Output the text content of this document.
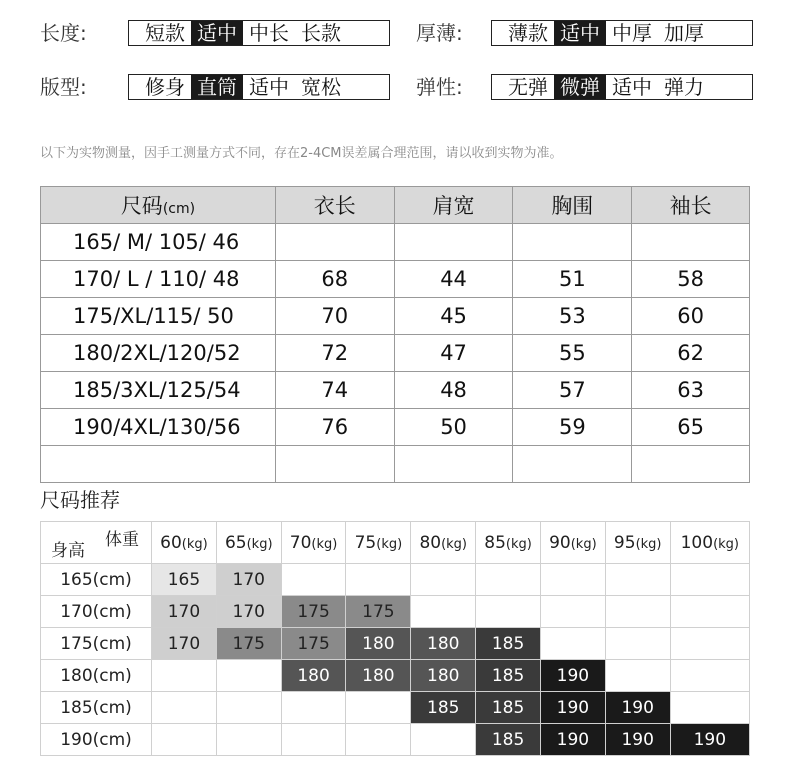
长度:	短款 适中 中长 长款	厚薄:	薄款 适中 中厚 加厚
版型:	修身 直筒 适中 宽松	弹性:	无弹 微弹 适中 弹力
以下为实物测量，因手工测量方式不同，存在2-4CM误差属合理范围，请以收到实物为准。
尺码(cm)	衣长	肩宽	胸围	袖长
165/ M/ 105/ 46				
170/ L / 110/ 48	68	44	51	58
175/XL/115/ 50	70	45	53	60
180/2XL/120/52	72	47	55	62
185/3XL/125/54	74	48	57	63
190/4XL/130/56	76	50	59	65

尺码推荐
体重
身高	60(kg)	65(kg)	70(kg)	75(kg)	80(kg)	85(kg)	90(kg)	95(kg)	100(kg)
165(cm)	165	170							
170(cm)	170	170	175	175					
175(cm)	170	175	175	180	180	185			
180(cm)			180	180	180	185	190		
185(cm)					185	185	190	190	
190(cm)						185	190	190	190
